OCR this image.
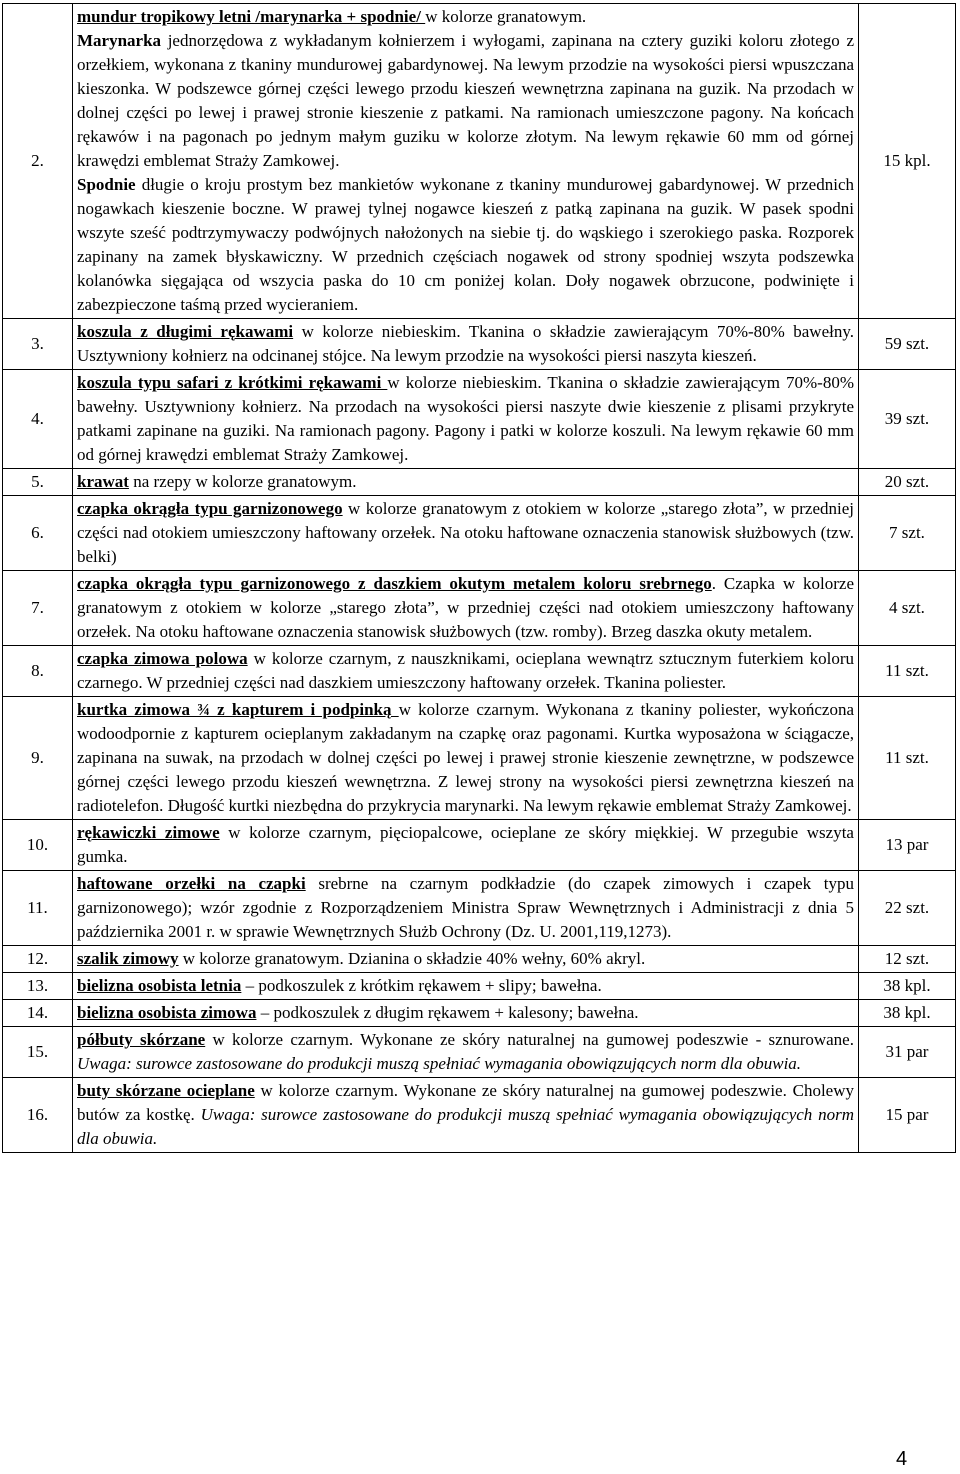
2.	mundur tropikowy letni /marynarka + spodnie/ w kolorze granatowym.
Marynarka jednorzędowa z wykładanym kołnierzem i wyłogami, zapinana na cztery guziki koloru złotego z orzełkiem, wykonana z tkaniny mundurowej gabardynowej. Na lewym przodzie na wysokości piersi wpuszczana kieszonka. W podszewce górnej części lewego przodu kieszeń wewnętrzna zapinana na guzik. Na przodach w dolnej części po lewej i prawej stronie kieszenie z patkami. Na ramionach umieszczone pagony. Na końcach rękawów i na pagonach po jednym małym guziku w kolorze złotym. Na lewym rękawie 60 mm od górnej krawędzi emblemat Straży Zamkowej.
Spodnie długie o kroju prostym bez mankietów wykonane z tkaniny mundurowej gabardynowej. W przednich nogawkach kieszenie boczne. W prawej tylnej nogawce kieszeń z patką zapinana na guzik. W pasek spodni wszyte sześć podtrzymywaczy podwójnych nałożonych na siebie tj. do wąskiego i szerokiego paska. Rozporek zapinany na zamek błyskawiczny. W przednich częściach nogawek od strony spodniej wszyta podszewka kolanówka sięgająca od wszycia paska do 10 cm poniżej kolan. Doły nogawek obrzucone, podwinięte i zabezpieczone taśmą przed wycieraniem.	15 kpl.
3.	koszula z długimi rękawami w kolorze niebieskim. Tkanina o składzie zawierającym 70%-80% bawełny. Usztywniony kołnierz na odcinanej stójce. Na lewym przodzie na wysokości piersi naszyta kieszeń.	59 szt.
4.	koszula typu safari z krótkimi rękawami w kolorze niebieskim. Tkanina o składzie zawierającym 70%-80% bawełny. Usztywniony kołnierz. Na przodach na wysokości piersi naszyte dwie kieszenie z plisami przykryte patkami zapinane na guziki. Na ramionach pagony. Pagony i patki w kolorze koszuli. Na lewym rękawie 60 mm od górnej krawędzi emblemat Straży Zamkowej.	39 szt.
5.	krawat na rzepy w kolorze granatowym.	20 szt.
6.	czapka okrągła typu garnizonowego w kolorze granatowym z otokiem w kolorze „starego złota”, w przedniej części nad otokiem umieszczony haftowany orzełek. Na otoku haftowane oznaczenia stanowisk służbowych (tzw. belki)	7 szt.
7.	czapka okrągła typu garnizonowego z daszkiem okutym metalem koloru srebrnego. Czapka w kolorze granatowym z otokiem w kolorze „starego złota”, w przedniej części nad otokiem umieszczony haftowany orzełek. Na otoku haftowane oznaczenia stanowisk służbowych (tzw. romby). Brzeg daszka okuty metalem.	4 szt.
8.	czapka zimowa polowa w kolorze czarnym, z nauszknikami, ocieplana wewnątrz sztucznym futerkiem koloru czarnego. W przedniej części nad daszkiem umieszczony haftowany orzełek. Tkanina poliester.	11 szt.
9.	kurtka zimowa ¾ z kapturem i podpinką w kolorze czarnym. Wykonana z tkaniny poliester, wykończona wodoodpornie z kapturem ocieplanym zakładanym na czapkę oraz pagonami. Kurtka wyposażona w ściągacze, zapinana na suwak, na przodach w dolnej części po lewej i prawej stronie kieszenie zewnętrzne, w podszewce górnej części lewego przodu kieszeń wewnętrzna. Z lewej strony na wysokości piersi zewnętrzna kieszeń na radiotelefon. Długość kurtki niezbędna do przykrycia marynarki. Na lewym rękawie emblemat Straży Zamkowej.	11 szt.
10.	rękawiczki zimowe w kolorze czarnym, pięciopalcowe, ocieplane ze skóry miękkiej. W przegubie wszyta gumka.	13 par
11.	haftowane orzełki na czapki srebrne na czarnym podkładzie (do czapek zimowych i czapek typu garnizonowego); wzór zgodnie z Rozporządzeniem Ministra Spraw Wewnętrznych i Administracji z dnia 5 października 2001 r. w sprawie Wewnętrznych Służb Ochrony (Dz. U. 2001,119,1273).	22 szt.
12.	szalik zimowy w kolorze granatowym. Dzianina o składzie 40% wełny, 60% akryl.	12 szt.
13.	bielizna osobista letnia – podkoszulek z krótkim rękawem + slipy; bawełna.	38 kpl.
14.	bielizna osobista zimowa – podkoszulek z długim rękawem + kalesony; bawełna.	38 kpl.
15.	półbuty skórzane w kolorze czarnym. Wykonane ze skóry naturalnej na gumowej podeszwie - sznurowane. Uwaga: surowce zastosowane do produkcji muszą spełniać wymagania obowiązujących norm dla obuwia.	31 par
16.	buty skórzane ocieplane w kolorze czarnym. Wykonane ze skóry naturalnej na gumowej podeszwie. Cholewy butów za kostkę. Uwaga: surowce zastosowane do produkcji muszą spełniać wymagania obowiązujących norm dla obuwia.	15 par
4
